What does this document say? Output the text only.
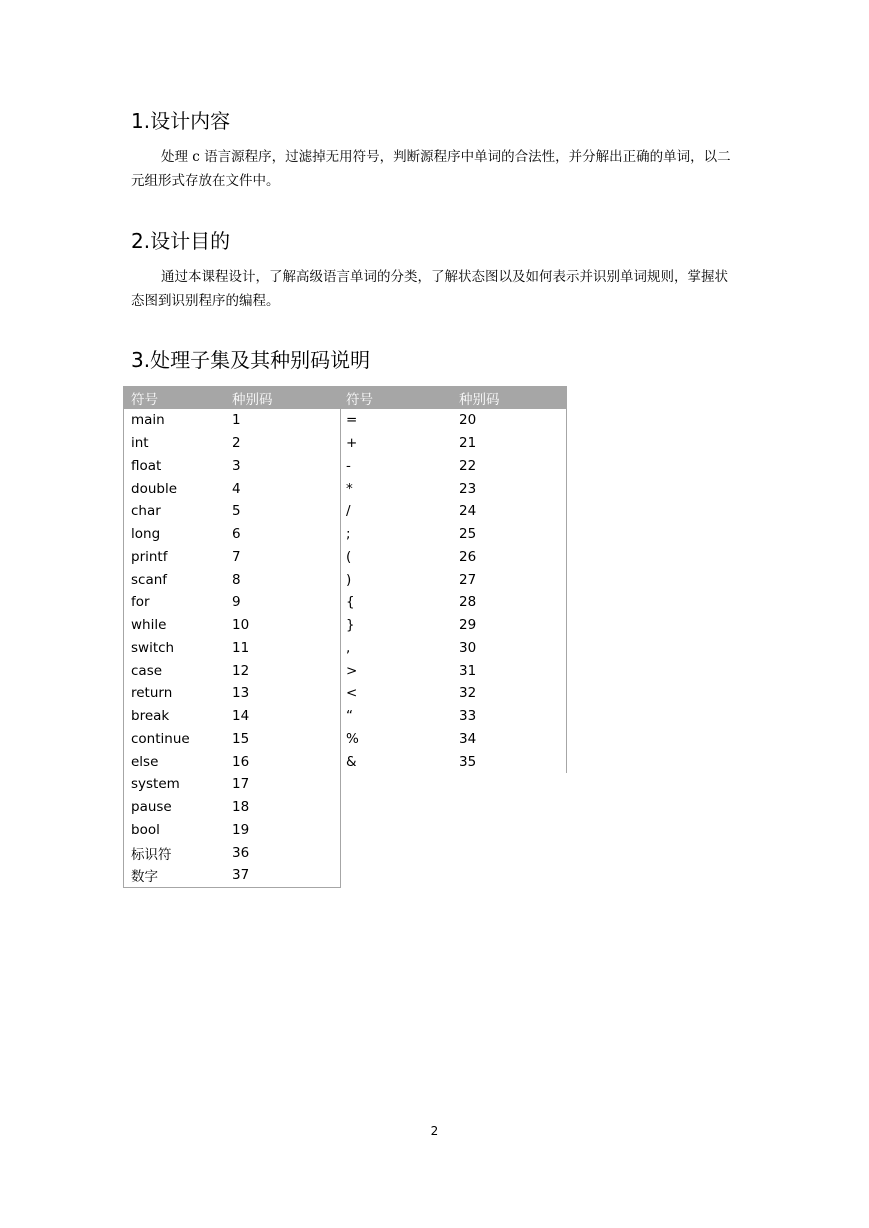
1.设计内容

处理 c 语言源程序，过滤掉无用符号，判断源程序中单词的合法性，并分解出正确的单词，以二元组形式存放在文件中。

2.设计目的

通过本课程设计，了解高级语言单词的分类，了解状态图以及如何表示并识别单词规则，掌握状态图到识别程序的编程。

3.处理子集及其种别码说明
符号	种别码
main	1
int	2
float	3
double	4
char	5
long	6
printf	7
scanf	8
for	9
while	10
switch	11
case	12
return	13
break	14
continue	15
else	16
system	17
pause	18
bool	19
标识符	36
数字	37
符号	种别码
=	20
+	21
-	22
*	23
/	24
;	25
(	26
)	27
{	28
}	29
,	30
>	31
<	32
“	33
%	34
&	35
2
